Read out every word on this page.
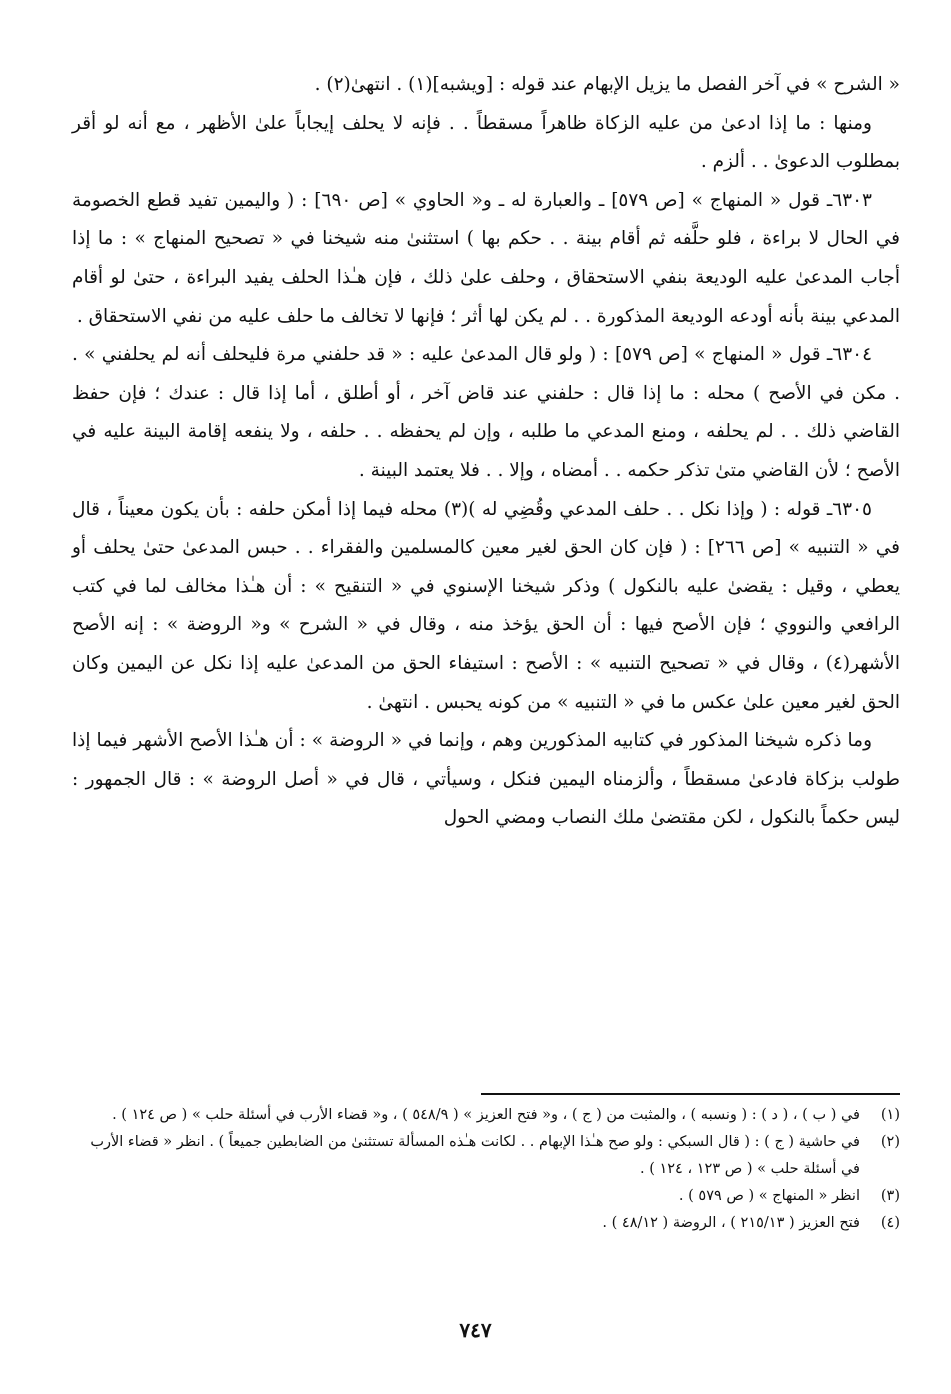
« الشرح » في آخر الفصل ما يزيل الإبهام عند قوله : [ويشبه](١) . انتهىٰ(٢) .

ومنها : ما إذا ادعىٰ من عليه الزكاة ظاهراً مسقطاً . . فإنه لا يحلف إيجاباً علىٰ الأظهر ، مع أنه لو أقر بمطلوب الدعوىٰ . . ألزم .

٦٣٠٣ـ قول « المنهاج » [ص ٥٧٩] ـ والعبارة له ـ و« الحاوي » [ص ٦٩٠] : ( واليمين تفيد قطع الخصومة في الحال لا براءة ، فلو حلَّفه ثم أقام بينة . . حكم بها ) استثنىٰ منه شيخنا في « تصحيح المنهاج » : ما إذا أجاب المدعىٰ عليه الوديعة بنفي الاستحقاق ، وحلف علىٰ ذلك ، فإن هـٰذا الحلف يفيد البراءة ، حتىٰ لو أقام المدعي بينة بأنه أودعه الوديعة المذكورة . . لم يكن لها أثر ؛ فإنها لا تخالف ما حلف عليه من نفي الاستحقاق .

٦٣٠٤ـ قول « المنهاج » [ص ٥٧٩] : ( ولو قال المدعىٰ عليه : « قد حلفني مرة فليحلف أنه لم يحلفني » . . مكن في الأصح ) محله : ما إذا قال : حلفني عند قاض آخر ، أو أطلق ، أما إذا قال : عندك ؛ فإن حفظ القاضي ذلك . . لم يحلفه ، ومنع المدعي ما طلبه ، وإن لم يحفظه . . حلفه ، ولا ينفعه إقامة البينة عليه في الأصح ؛ لأن القاضي متىٰ تذكر حكمه . . أمضاه ، وإلا . . فلا يعتمد البينة .

٦٣٠٥ـ قوله : ( وإذا نكل . . حلف المدعي وقُضِي له )(٣) محله فيما إذا أمكن حلفه : بأن يكون معيناً ، قال في « التنبيه » [ص ٢٦٦] : ( فإن كان الحق لغير معين كالمسلمين والفقراء . . حبس المدعىٰ حتىٰ يحلف أو يعطي ، وقيل : يقضىٰ عليه بالنكول ) وذكر شيخنا الإسنوي في « التنقيح » : أن هـٰذا مخالف لما في كتب الرافعي والنووي ؛ فإن الأصح فيها : أن الحق يؤخذ منه ، وقال في « الشرح » و« الروضة » : إنه الأصح الأشهر(٤) ، وقال في « تصحيح التنبيه » : الأصح : استيفاء الحق من المدعىٰ عليه إذا نكل عن اليمين وكان الحق لغير معين علىٰ عكس ما في « التنبيه » من كونه يحبس . انتهىٰ .

وما ذكره شيخنا المذكور في كتابيه المذكورين وهم ، وإنما في « الروضة » : أن هـٰذا الأصح الأشهر فيما إذا طولب بزكاة فادعىٰ مسقطاً ، وألزمناه اليمين فنكل ، وسيأتي ، قال في « أصل الروضة » : قال الجمهور : ليس حكماً بالنكول ، لكن مقتضىٰ ملك النصاب ومضي الحول

(١)
في ( ب ) ، ( د ) : ( ونسبه ) ، والمثبت من ( ج ) ، و« فتح العزيز » ( ٥٤٨/٩ ) ، و« قضاء الأرب في أسئلة حلب » ( ص ١٢٤ ) .
(٢)
في حاشية ( ج ) : ( قال السبكي : ولو صح هـٰذا الإبهام . . لكانت هـٰذه المسألة تستثنىٰ من الضابطين جميعاً ) . انظر « قضاء الأرب في أسئلة حلب » ( ص ١٢٣ ، ١٢٤ ) .
(٣)
انظر « المنهاج » ( ص ٥٧٩ ) .
(٤)
فتح العزيز ( ٢١٥/١٣ ) ، الروضة ( ٤٨/١٢ ) .
٧٤٧
